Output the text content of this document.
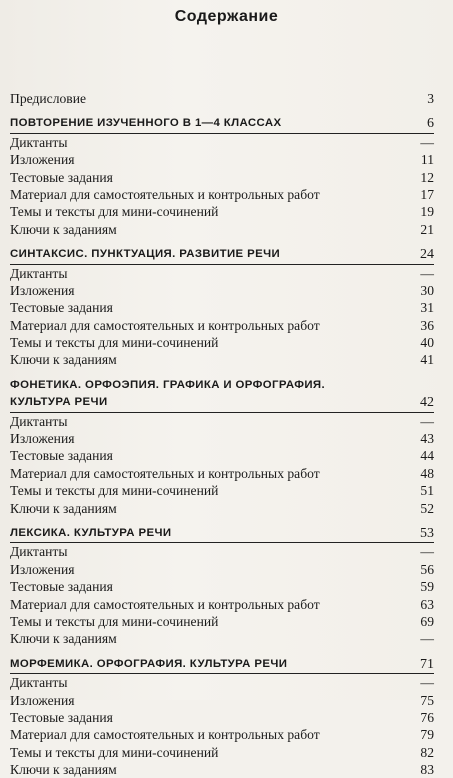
Содержание
Предисловие	3
ПОВТОРЕНИЕ ИЗУЧЕННОГО В 1—4 КЛАССАХ	6
Диктанты	—
Изложения	11
Тестовые задания	12
Материал для самостоятельных и контрольных работ	17
Темы и тексты для мини-сочинений	19
Ключи к заданиям	21
СИНТАКСИС. ПУНКТУАЦИЯ. РАЗВИТИЕ РЕЧИ	24
Диктанты	—
Изложения	30
Тестовые задания	31
Материал для самостоятельных и контрольных работ	36
Темы и тексты для мини-сочинений	40
Ключи к заданиям	41
ФОНЕТИКА. ОРФОЭПИЯ. ГРАФИКА И ОРФОГРАФИЯ.
КУЛЬТУРА РЕЧИ	42
Диктанты	—
Изложения	43
Тестовые задания	44
Материал для самостоятельных и контрольных работ	48
Темы и тексты для мини-сочинений	51
Ключи к заданиям	52
ЛЕКСИКА. КУЛЬТУРА РЕЧИ	53
Диктанты	—
Изложения	56
Тестовые задания	59
Материал для самостоятельных и контрольных работ	63
Темы и тексты для мини-сочинений	69
Ключи к заданиям	—
МОРФЕМИКА. ОРФОГРАФИЯ. КУЛЬТУРА РЕЧИ	71
Диктанты	—
Изложения	75
Тестовые задания	76
Материал для самостоятельных и контрольных работ	79
Темы и тексты для мини-сочинений	82
Ключи к заданиям	83
